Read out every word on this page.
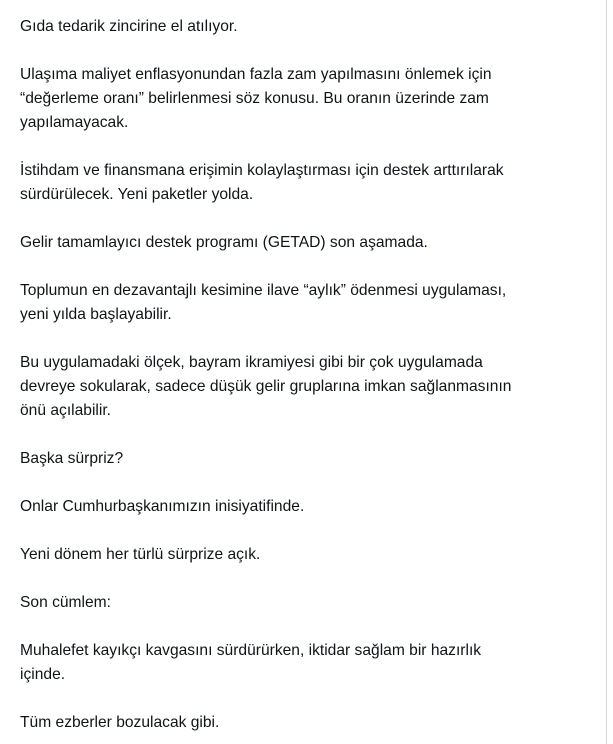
Gıda tedarik zincirine el atılıyor.

Ulaşıma maliyet enflasyonundan fazla zam yapılmasını önlemek için
“değerleme oranı” belirlenmesi söz konusu. Bu oranın üzerinde zam
yapılamayacak.

İstihdam ve finansmana erişimin kolaylaştırması için destek arttırılarak
sürdürülecek. Yeni paketler yolda.

Gelir tamamlayıcı destek programı (GETAD) son aşamada.

Toplumun en dezavantajlı kesimine ilave “aylık” ödenmesi uygulaması,
yeni yılda başlayabilir.

Bu uygulamadaki ölçek, bayram ikramiyesi gibi bir çok uygulamada
devreye sokularak, sadece düşük gelir gruplarına imkan sağlanmasının
önü açılabilir.

Başka sürpriz?

Onlar Cumhurbaşkanımızın inisiyatifinde.

Yeni dönem her türlü sürprize açık.

Son cümlem:

Muhalefet kayıkçı kavgasını sürdürürken, iktidar sağlam bir hazırlık
içinde.

Tüm ezberler bozulacak gibi.
